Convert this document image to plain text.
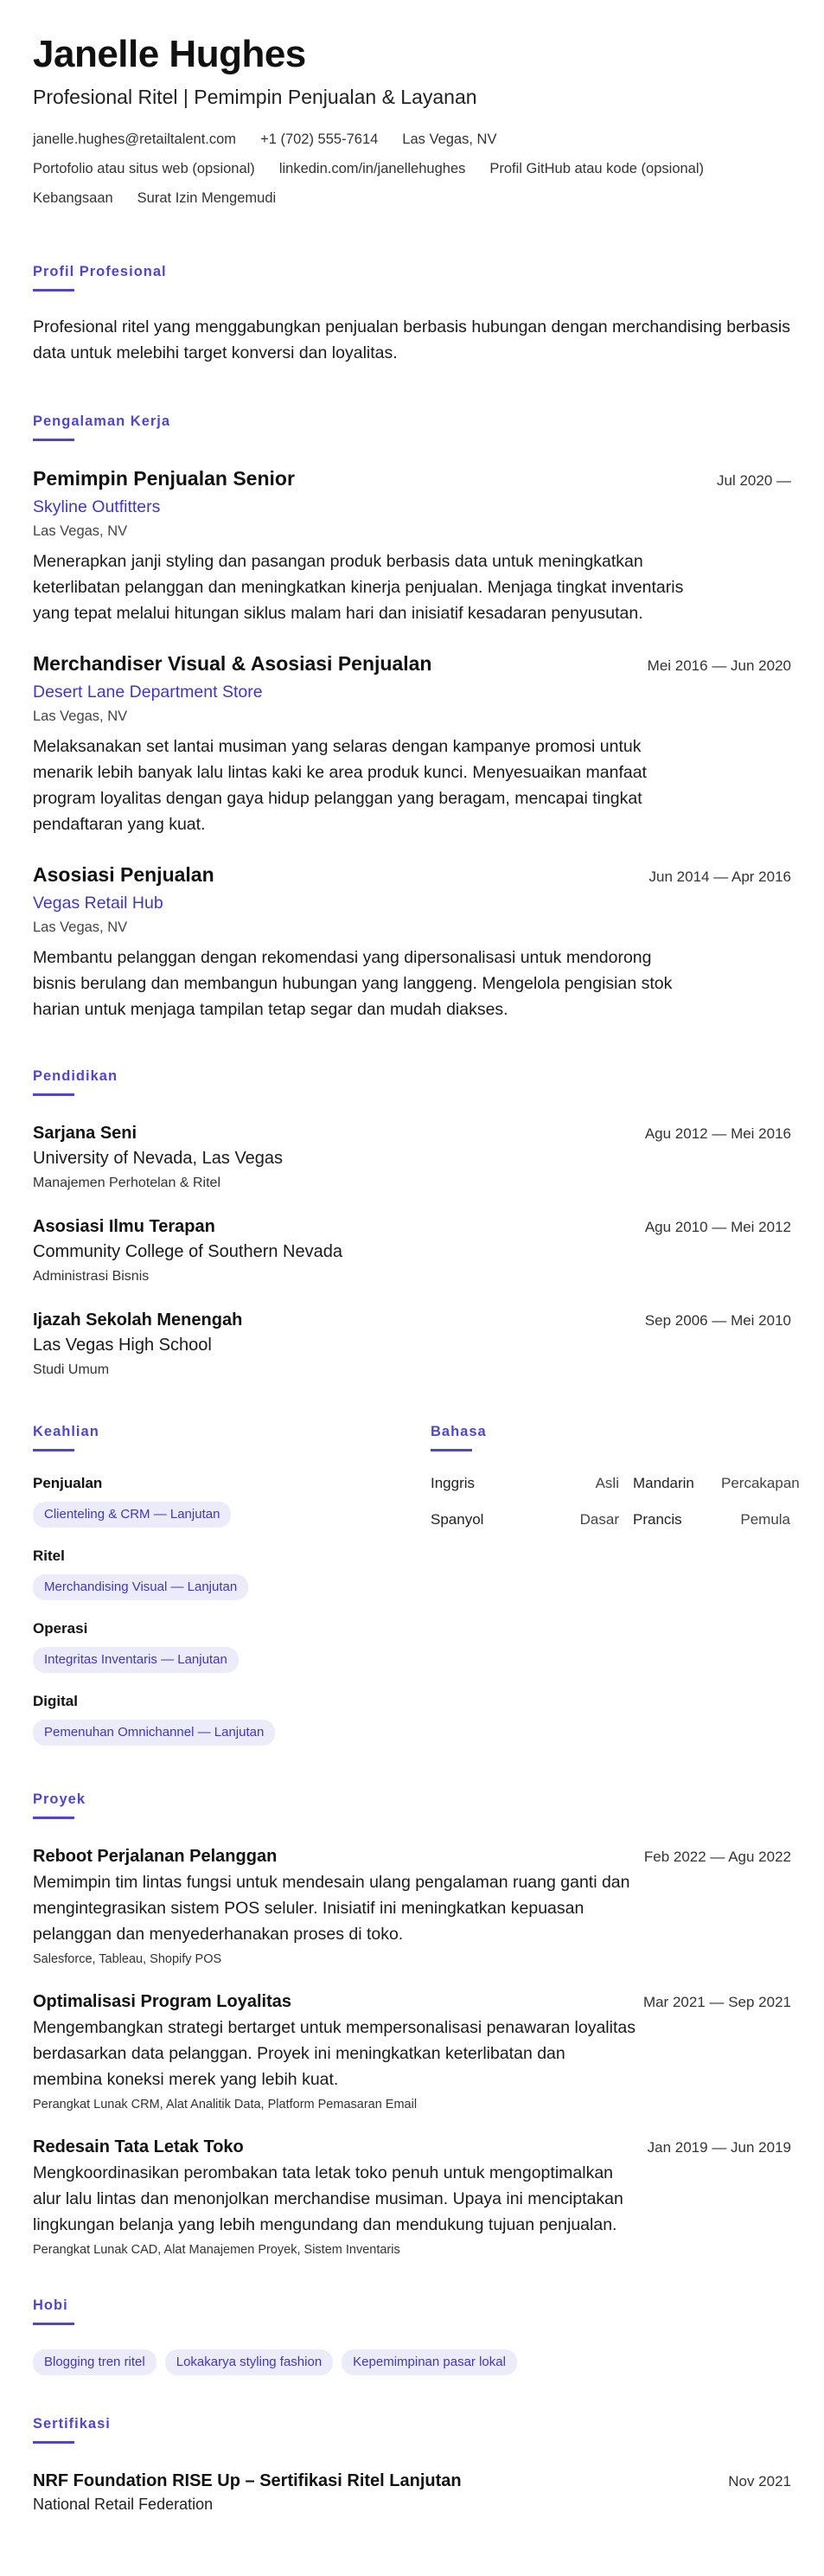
Janelle Hughes
Profesional Ritel | Pemimpin Penjualan & Layanan
janelle.hughes@retailtalent.com +1 (702) 555-7614 Las Vegas, NV
Portofolio atau situs web (opsional) linkedin.com/in/janellehughes Profil GitHub atau kode (opsional)
Kebangsaan Surat Izin Mengemudi
Profil Profesional
Profesional ritel yang menggabungkan penjualan berbasis hubungan dengan merchandising berbasis data untuk melebihi target konversi dan loyalitas.
Pengalaman Kerja
Pemimpin Penjualan Senior	Jul 2020 —
Skyline Outfitters
Las Vegas, NV
Menerapkan janji styling dan pasangan produk berbasis data untuk meningkatkan keterlibatan pelanggan dan meningkatkan kinerja penjualan. Menjaga tingkat inventaris yang tepat melalui hitungan siklus malam hari dan inisiatif kesadaran penyusutan.
Merchandiser Visual & Asosiasi Penjualan	Mei 2016 — Jun 2020
Desert Lane Department Store
Las Vegas, NV
Melaksanakan set lantai musiman yang selaras dengan kampanye promosi untuk menarik lebih banyak lalu lintas kaki ke area produk kunci. Menyesuaikan manfaat program loyalitas dengan gaya hidup pelanggan yang beragam, mencapai tingkat pendaftaran yang kuat.
Asosiasi Penjualan	Jun 2014 — Apr 2016
Vegas Retail Hub
Las Vegas, NV
Membantu pelanggan dengan rekomendasi yang dipersonalisasi untuk mendorong bisnis berulang dan membangun hubungan yang langgeng. Mengelola pengisian stok harian untuk menjaga tampilan tetap segar dan mudah diakses.
Pendidikan
Sarjana Seni	Agu 2012 — Mei 2016
University of Nevada, Las Vegas
Manajemen Perhotelan & Ritel
Asosiasi Ilmu Terapan	Agu 2010 — Mei 2012
Community College of Southern Nevada
Administrasi Bisnis
Ijazah Sekolah Menengah	Sep 2006 — Mei 2010
Las Vegas High School
Studi Umum
Keahlian
Penjualan
Clienteling & CRM — Lanjutan
Ritel
Merchandising Visual — Lanjutan
Operasi
Integritas Inventaris — Lanjutan
Digital
Pemenuhan Omnichannel — Lanjutan
Bahasa
Inggris	Asli Mandarin	Percakapan
Spanyol	Dasar Prancis	Pemula
Proyek
Reboot Perjalanan Pelanggan	Feb 2022 — Agu 2022
Memimpin tim lintas fungsi untuk mendesain ulang pengalaman ruang ganti dan mengintegrasikan sistem POS seluler. Inisiatif ini meningkatkan kepuasan pelanggan dan menyederhanakan proses di toko.
Salesforce, Tableau, Shopify POS
Optimalisasi Program Loyalitas	Mar 2021 — Sep 2021
Mengembangkan strategi bertarget untuk mempersonalisasi penawaran loyalitas berdasarkan data pelanggan. Proyek ini meningkatkan keterlibatan dan membina koneksi merek yang lebih kuat.
Perangkat Lunak CRM, Alat Analitik Data, Platform Pemasaran Email
Redesain Tata Letak Toko	Jan 2019 — Jun 2019
Mengkoordinasikan perombakan tata letak toko penuh untuk mengoptimalkan alur lalu lintas dan menonjolkan merchandise musiman. Upaya ini menciptakan lingkungan belanja yang lebih mengundang dan mendukung tujuan penjualan.
Perangkat Lunak CAD, Alat Manajemen Proyek, Sistem Inventaris
Hobi
Blogging tren ritel	Lokakarya styling fashion	Kepemimpinan pasar lokal
Sertifikasi
NRF Foundation RISE Up – Sertifikasi Ritel Lanjutan	Nov 2021
National Retail Federation
